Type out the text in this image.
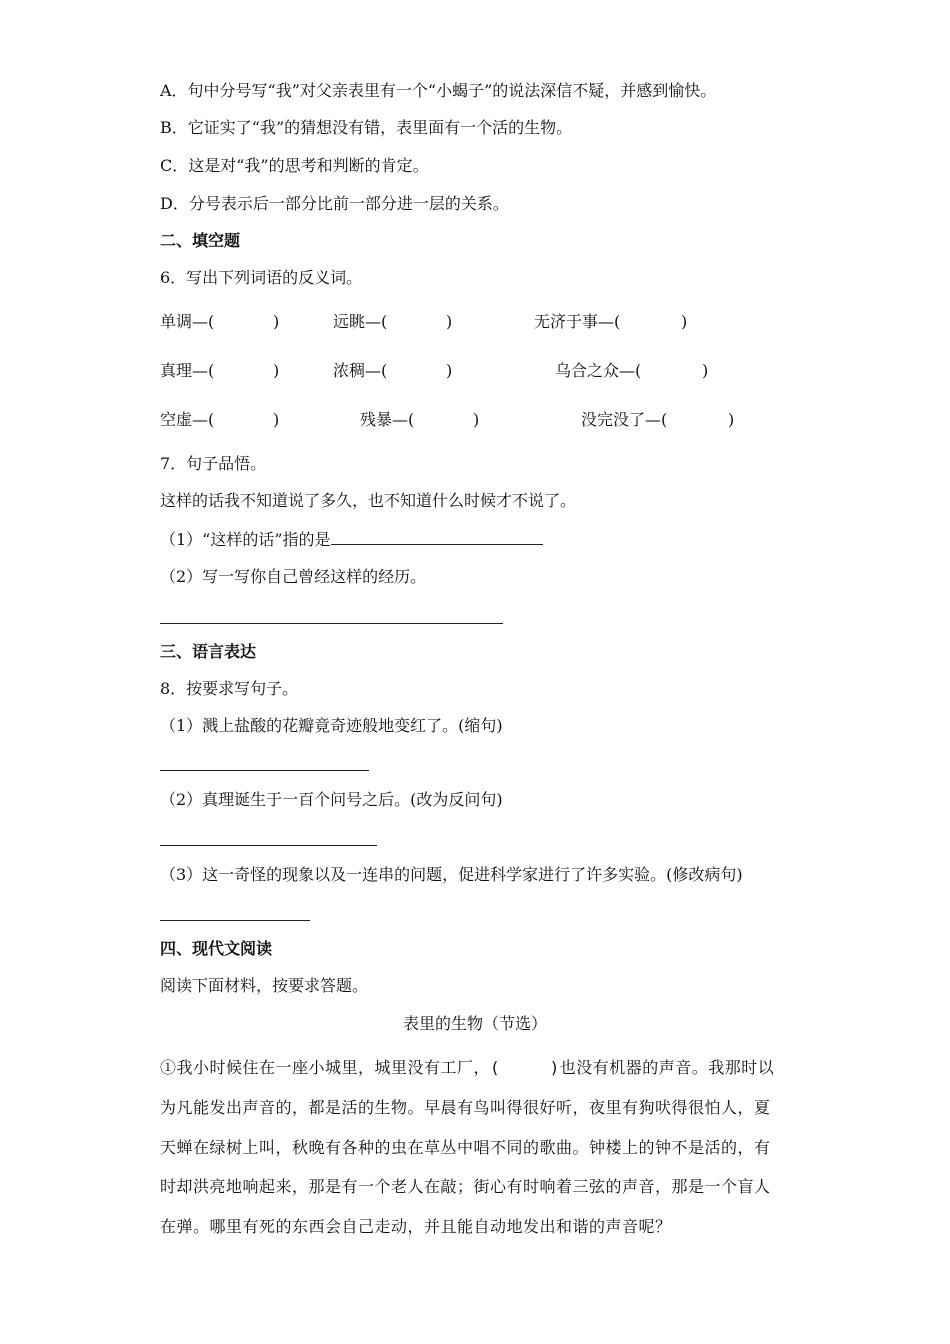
A．句中分号写“我”对父亲表里有一个“小蝎子”的说法深信不疑，并感到愉快。
B．它证实了“我”的猜想没有错，表里面有一个活的生物。
C．这是对“我”的思考和判断的肯定。
D．分号表示后一部分比前一部分进一层的关系。
二、填空题
6．写出下列词语的反义词。
单调—(	)	远眺—(	)	无济于事—(	)
真理—(	)	浓稠—(	)	乌合之众—(	)
空虚—(	)	残暴—(	)	没完没了—(	)
7．句子品悟。
这样的话我不知道说了多久，也不知道什么时候才不说了。
（1）“这样的话”指的是
（2）写一写你自己曾经这样的经历。
三、语言表达
8．按要求写句子。
（1）溅上盐酸的花瓣竟奇迹般地变红了。(缩句)
（2）真理诞生于一百个问号之后。(改为反问句)
（3）这一奇怪的现象以及一连串的问题，促进科学家进行了许多实验。(修改病句)
四、现代文阅读
阅读下面材料，按要求答题。
表里的生物（节选）
①我小时候住在一座小城里，城里没有工厂，(　　　)也没有机器的声音。我那时以
为凡能发出声音的，都是活的生物。早晨有鸟叫得很好听，夜里有狗吠得很怕人，夏
天蝉在绿树上叫，秋晚有各种的虫在草丛中唱不同的歌曲。钟楼上的钟不是活的，有
时却洪亮地响起来，那是有一个老人在敲；街心有时响着三弦的声音，那是一个盲人
在弹。哪里有死的东西会自己走动，并且能自动地发出和谐的声音呢？
